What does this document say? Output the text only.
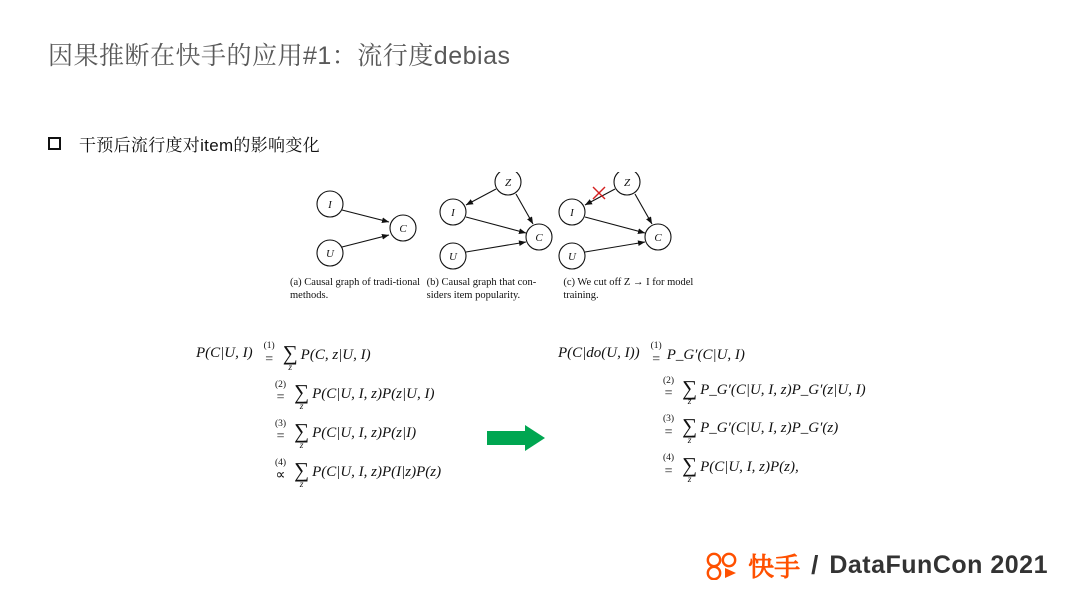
因果推断在快手的应用#1：流行度debias
干预后流行度对item的影响变化
I
U
C
Z
I
U
C
Z
I
U
C
(a) Causal graph of tradi-tional methods.
(b) Causal graph that con-siders item popularity.
(c) We cut off Z → I for model training.
P(C|U, I)	(1)
= ∑
z
P(C, z|U, I)
(2)
= ∑
z
P(C|U, I, z)P(z|U, I)
(3)
= ∑
z
P(C|U, I, z)P(z|I)
(4)
∝ ∑
z
P(C|U, I, z)P(I|z)P(z)
P(C|do(U, I))	(1)
= P_G′(C|U, I)
(2)
= ∑
z
P_G′(C|U, I, z)P_G′(z|U, I)
(3)
= ∑
z
P_G′(C|U, I, z)P_G′(z)
(4)
= ∑
z
P(C|U, I, z)P(z),
快手 / DataFunCon 2021
